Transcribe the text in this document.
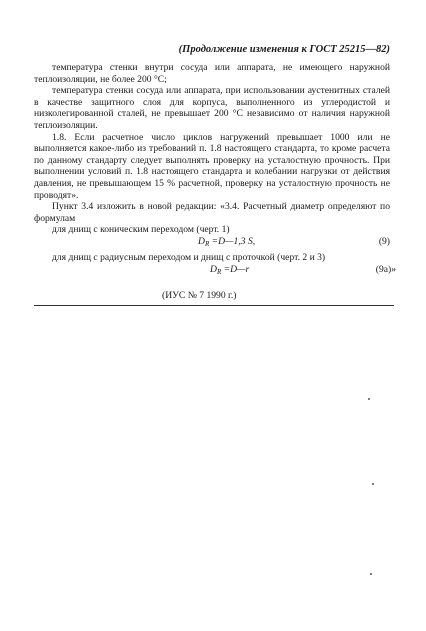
(Продолжение изменения к ГОСТ 25215—82)

температура стенки внутри сосуда или аппарата, не имеющего наружной теплоизоляции, не более 200 °С;

температура стенки сосуда или аппарата, при использовании аустенитных сталей в качестве защитного слоя для корпуса, выполненного из углеродистой и низколегированной сталей, не превышает 200 °С независимо от наличия наружной теплоизоляции.

1.8. Если расчетное число циклов нагружений превышает 1000 или не выполняется какое-либо из требований п. 1.8 настоящего стандарта, то кроме расчета по данному стандарту следует выполнять проверку на усталостную прочность. При выполнении условий п. 1.8 настоящего стандарта и колебании нагрузки от действия давления, не превышающем 15 % расчетной, проверку на усталостную прочность не проводят».

Пункт 3.4 изложить в новой редакции: «3.4. Расчетный диаметр определяют по формулам

для днищ с коническим переходом (черт. 1)

$D_R$ =D—1,3 S,	(9)

для днищ с радиусным переходом и днищ с проточкой (черт. 2 и 3)

$D_R$ =D—r	(9a)»
(ИУС № 7 1990 г.)
